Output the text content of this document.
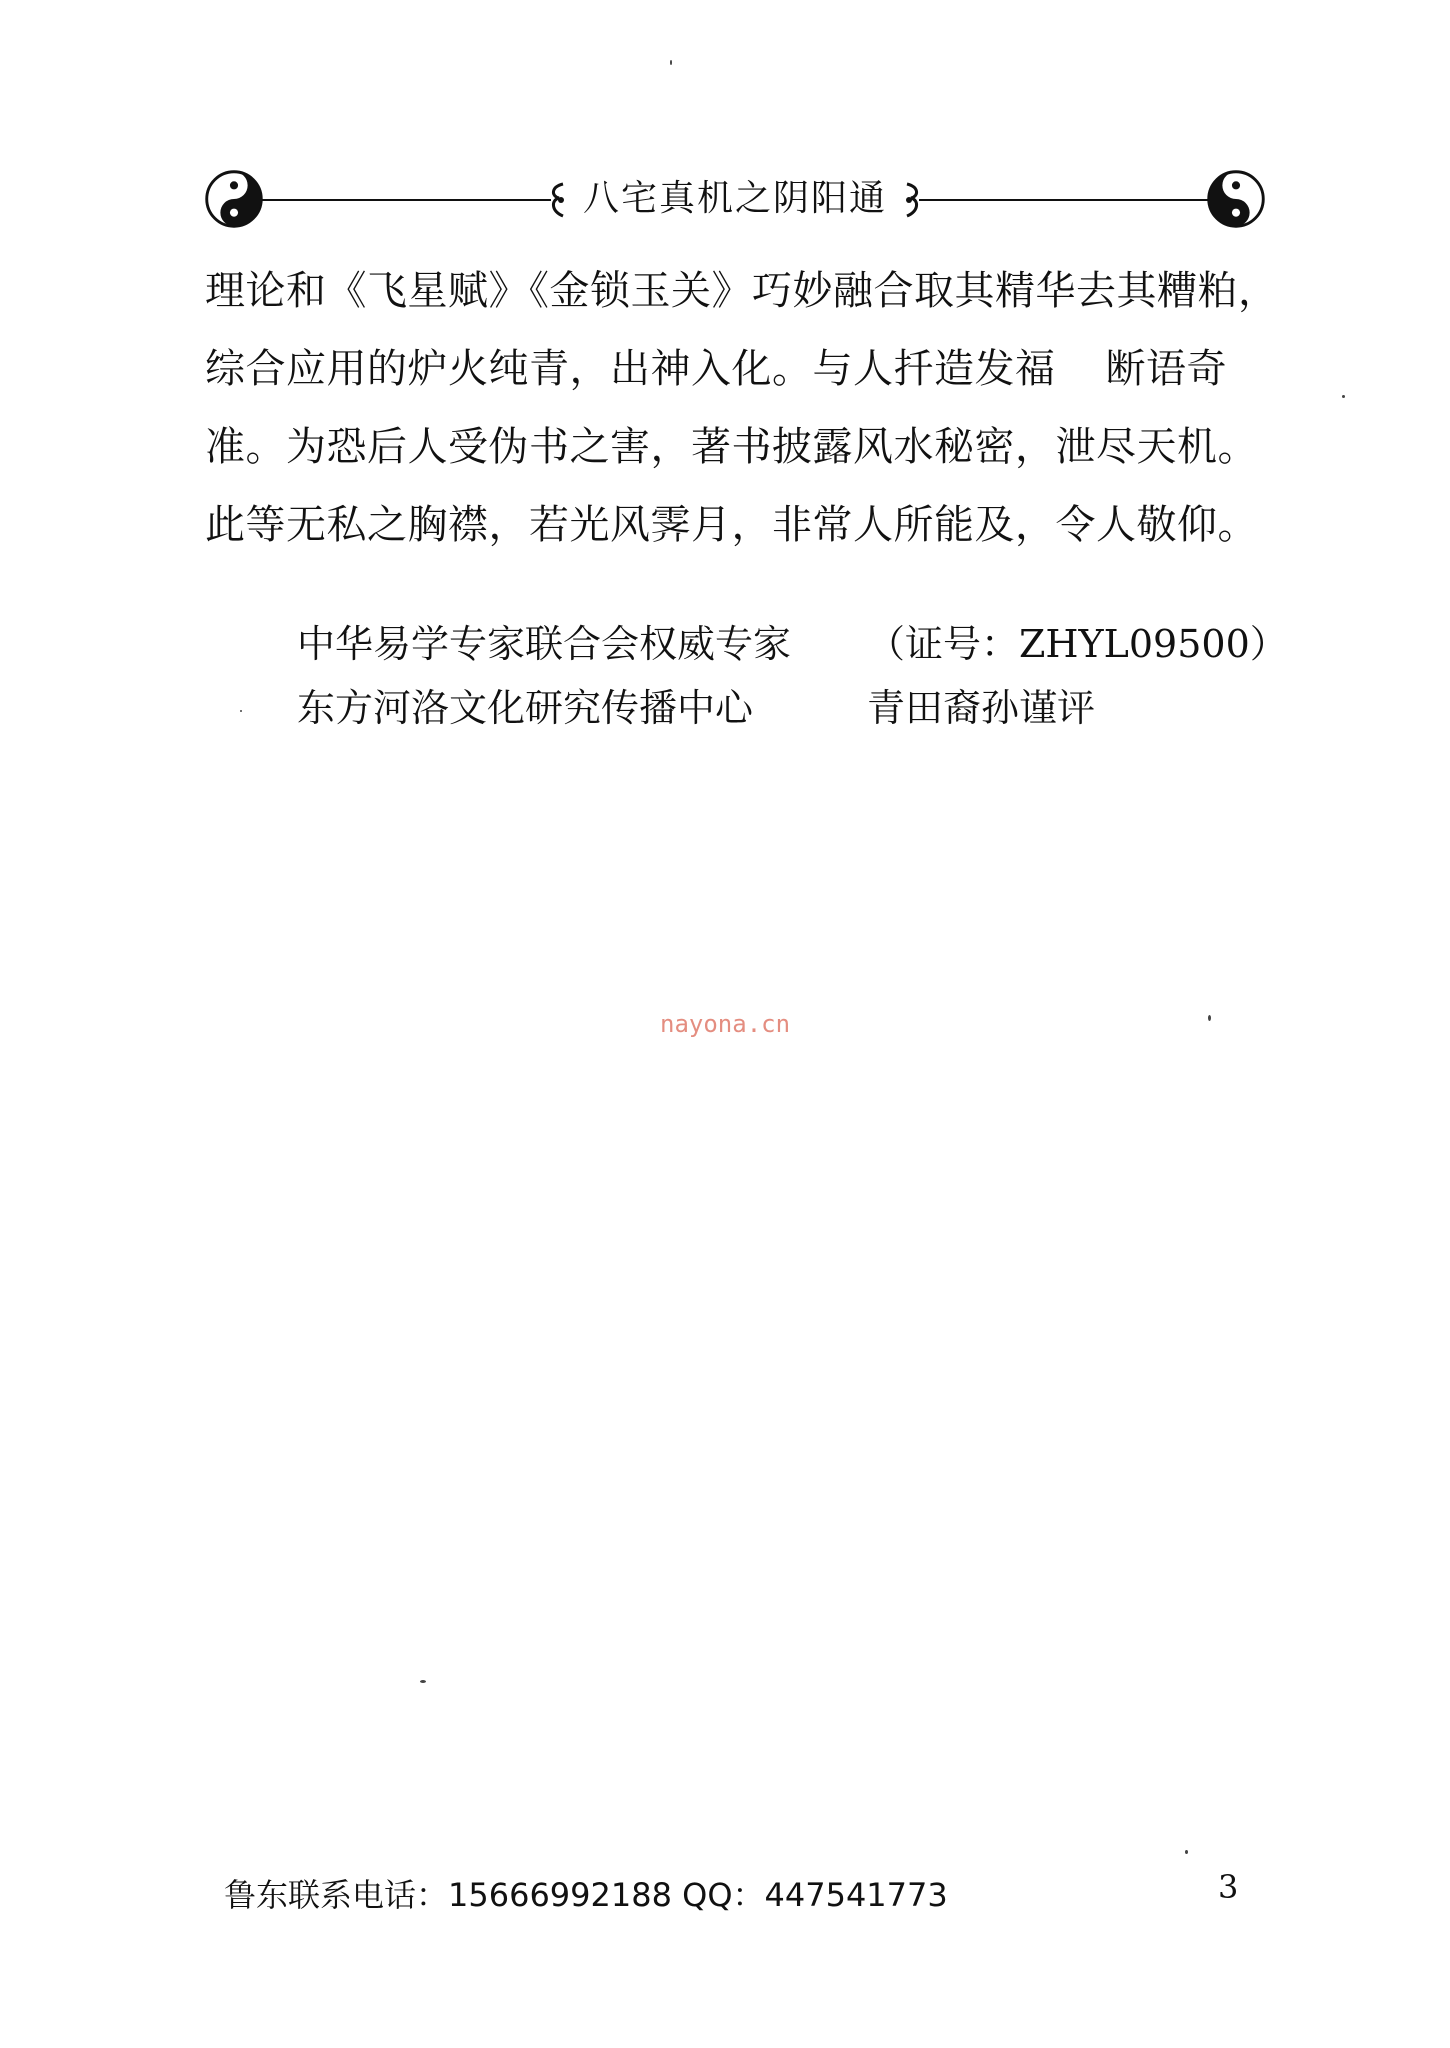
八宅真机之阴阳通
理论和《飞星赋》《金锁玉关》巧妙融合取其精华去其糟粕，
综合应用的炉火纯青，出神入化。与人扦造发福 断语奇
准。为恐后人受伪书之害，著书披露风水秘密，泄尽天机。
此等无私之胸襟，若光风霁月，非常人所能及，令人敬仰。
中华易学专家联合会权威专家 （证号：ZHYL09500）
东方河洛文化研究传播中心	青田裔孙谨评
nayona.cn
鲁东联系电话：15666992188 QQ：447541773	3
